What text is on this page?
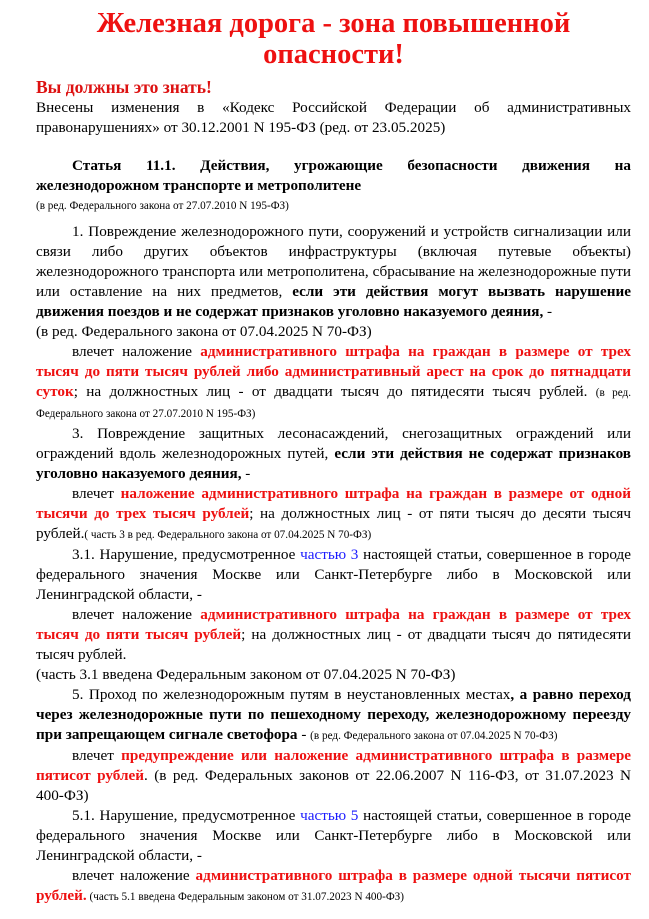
Железная дорога - зона повышенной
опасности!

Вы должны это знать!

Внесены изменения в «Кодекс Российской Федерации об административных правонарушениях» от 30.12.2001 N 195-ФЗ (ред. от 23.05.2025)

Статья 11.1. Действия, угрожающие безопасности движения на железнодорожном транспорте и метрополитене

(в ред. Федерального закона от 27.07.2010 N 195-ФЗ)

1. Повреждение железнодорожного пути, сооружений и устройств сигнализации или связи либо других объектов инфраструктуры (включая путевые объекты) железнодорожного транспорта или метрополитена, сбрасывание на железнодорожные пути или оставление на них предметов, если эти действия могут вызвать нарушение движения поездов и не содержат признаков уголовно наказуемого деяния, -

(в ред. Федерального закона от 07.04.2025 N 70-ФЗ)

влечет наложение административного штрафа на граждан в размере от трех тысяч до пяти тысяч рублей либо административный арест на срок до пятнадцати суток; на должностных лиц - от двадцати тысяч до пятидесяти тысяч рублей. (в ред. Федерального закона от 27.07.2010 N 195-ФЗ)

3. Повреждение защитных лесонасаждений, снегозащитных ограждений или ограждений вдоль железнодорожных путей, если эти действия не содержат признаков уголовно наказуемого деяния, -

влечет наложение административного штрафа на граждан в размере от одной тысячи до трех тысяч рублей; на должностных лиц - от пяти тысяч до десяти тысяч рублей.( часть 3 в ред. Федерального закона от 07.04.2025 N 70-ФЗ)

3.1. Нарушение, предусмотренное частью 3 настоящей статьи, совершенное в городе федерального значения Москве или Санкт-Петербурге либо в Московской или Ленинградской области, -

влечет наложение административного штрафа на граждан в размере от трех тысяч до пяти тысяч рублей; на должностных лиц - от двадцати тысяч до пятидесяти тысяч рублей.

(часть 3.1 введена Федеральным законом от 07.04.2025 N 70-ФЗ)

5. Проход по железнодорожным путям в неустановленных местах, а равно переход через железнодорожные пути по пешеходному переходу, железнодорожному переезду при запрещающем сигнале светофора - (в ред. Федерального закона от 07.04.2025 N 70-ФЗ)

влечет предупреждение или наложение административного штрафа в размере пятисот рублей. (в ред. Федеральных законов от 22.06.2007 N 116-ФЗ, от 31.07.2023 N 400-ФЗ)

5.1. Нарушение, предусмотренное частью 5 настоящей статьи, совершенное в городе федерального значения Москве или Санкт-Петербурге либо в Московской или Ленинградской области, -

влечет наложение административного штрафа в размере одной тысячи пятисот рублей. (часть 5.1 введена Федеральным законом от 31.07.2023 N 400-ФЗ)
